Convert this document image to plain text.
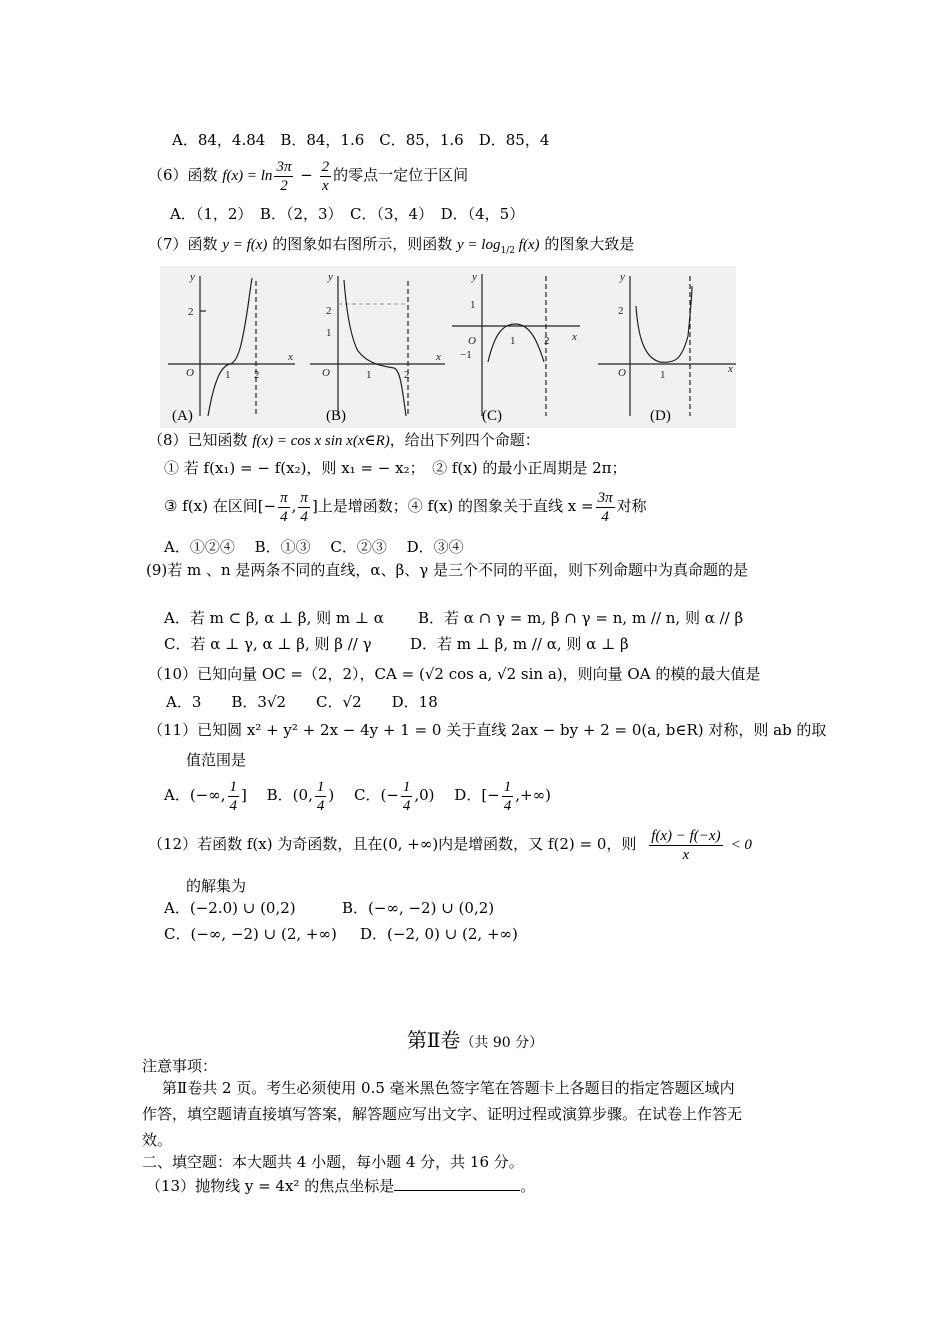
A．84，4.84　B．84，1.6　C．85，1.6　D．85，4
（6）函数 $f(x) = \ln \frac{3\pi}{2} - \frac{2}{x}$ 的零点一定位于区间
A．（1，2）　B．（2，3）　C．（3，4）　D．（4，5）
（7）函数 y = f(x) 的图象如右图所示，则函数 $y = \log_{1/2} f(x)$ 的图象大致是
y
x
O
2
1 2
y
x
O
2
1
1	2
y
x
O
1
−1
1	2
y
x
O
2
1
(A)	(B)	(C)	(D)
（8）已知函数 f(x) = cos x sin x(x∈R)，给出下列四个命题：
① 若 f(x₁) = − f(x₂)，则 x₁ = − x₂；　② f(x) 的最小正周期是 2π；
③ f(x) 在区间[− $\frac{\pi}{4}$ , $\frac{\pi}{4}$ ]上是增函数；④ f(x) 的图象关于直线 $x = \frac{3\pi}{4}$ 对称
A．①②④　 B．①③　 C．②③　 D．③④
(9)若 m 、n 是两条不同的直线，α、β、γ 是三个不同的平面，则下列命题中为真命题的是
A．若 m ⊂ β, α ⊥ β, 则 m ⊥ α B．若 α ∩ γ = m, β ∩ γ = n, m // n, 则 α // β
C．若 α ⊥ γ, α ⊥ β, 则 β // γ	D．若 m ⊥ β, m // α, 则 α ⊥ β
（10）已知向量 OC =（2，2），CA = (√2 cos a, √2 sin a)，则向量 OA 的模的最大值是
A．3　　B．3√2　　C．√2　　D．18
（11）已知圆 x² + y² + 2x − 4y + 1 = 0 关于直线 2ax − by + 2 = 0(a, b∈R) 对称，则 ab 的取
值范围是
A．(−∞, $\frac{1}{4}$ ]　 B．(0, $\frac{1}{4}$ )　 C．(− $\frac{1}{4} ,0$)　 D．[− $\frac{1}{4}$ ,+∞)
（12）若函数 f(x) 为奇函数，且在(0, +∞)内是增函数，又 f(2) = 0，则 $\frac{f(x) - f(-x)}{x} < 0$
的解集为
A．(−2.0) ∪ (0,2)	B．(−∞, −2) ∪ (0,2)
C．(−∞, −2) ∪ (2, +∞) D．(−2, 0) ∪ (2, +∞)
第Ⅱ卷（共 90 分）
注意事项：
第Ⅱ卷共 2 页。考生必须使用 0.5 毫米黑色签字笔在答题卡上各题目的指定答题区域内
作答，填空题请直接填写答案，解答题应写出文字、证明过程或演算步骤。在试卷上作答无
效。
二、填空题：本大题共 4 小题，每小题 4 分，共 16 分。
（13）抛物线 y = 4x² 的焦点坐标是	。
